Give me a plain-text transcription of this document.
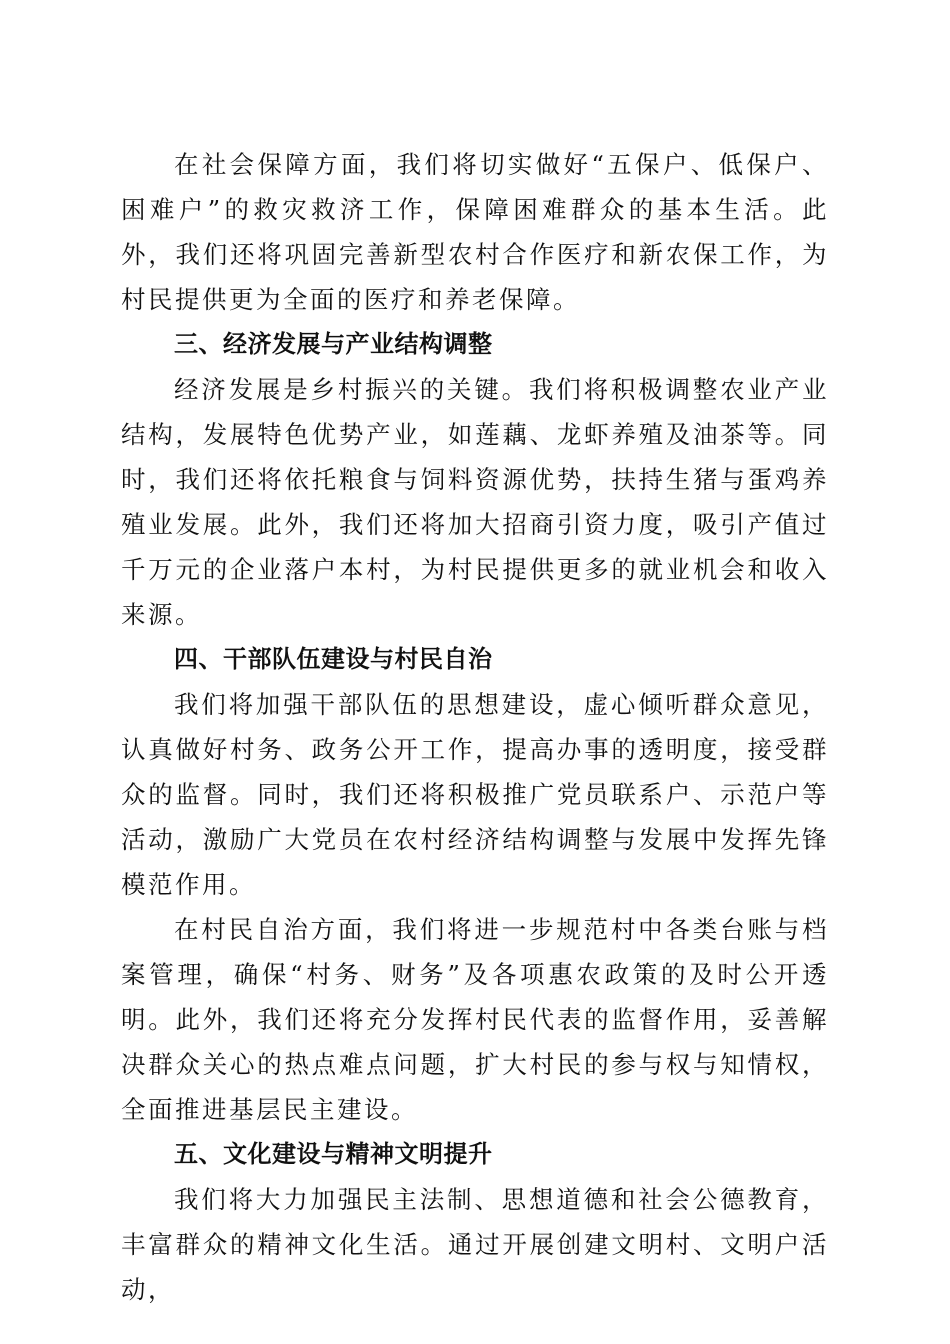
在社会保障方面，我们将切实做好“五保户、低保户、困难户”的救灾救济工作，保障困难群众的基本生活。此外，我们还将巩固完善新型农村合作医疗和新农保工作，为村民提供更为全面的医疗和养老保障。

三、经济发展与产业结构调整

经济发展是乡村振兴的关键。我们将积极调整农业产业结构，发展特色优势产业，如莲藕、龙虾养殖及油茶等。同时，我们还将依托粮食与饲料资源优势，扶持生猪与蛋鸡养殖业发展。此外，我们还将加大招商引资力度，吸引产值过千万元的企业落户本村，为村民提供更多的就业机会和收入来源。

四、干部队伍建设与村民自治

我们将加强干部队伍的思想建设，虚心倾听群众意见，认真做好村务、政务公开工作，提高办事的透明度，接受群众的监督。同时，我们还将积极推广党员联系户、示范户等活动，激励广大党员在农村经济结构调整与发展中发挥先锋模范作用。

在村民自治方面，我们将进一步规范村中各类台账与档案管理，确保“村务、财务”及各项惠农政策的及时公开透明。此外，我们还将充分发挥村民代表的监督作用，妥善解决群众关心的热点难点问题，扩大村民的参与权与知情权，全面推进基层民主建设。

五、文化建设与精神文明提升

我们将大力加强民主法制、思想道德和社会公德教育，丰富群众的精神文化生活。通过开展创建文明村、文明户活动，
